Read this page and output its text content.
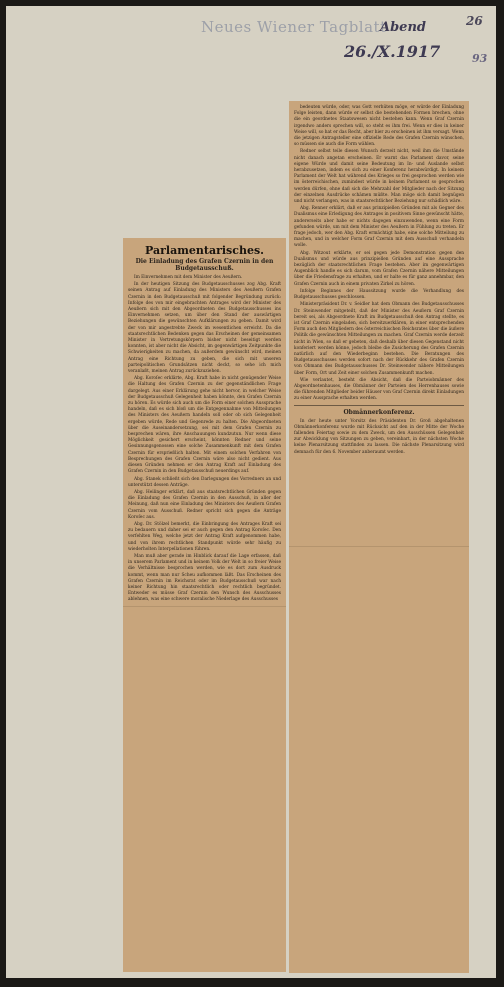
Neues Wiener Tagblatt
Abend
26./X.1917
26
93
Parlamentarisches.
Die Einladung des Grafen Czernin in den Budgetausschuß.

Im Einvernehmen mit dem Minister des Aeußern.

In der heutigen Sitzung des Budgetausschusses zog Abg. Kraft seinen Antrag auf Einladung des Ministers des Aeußern Grafen Czernin in den Budgetausschuß mit folgender Begründung zurück: Infolge des von mir eingebrachten Antrages wird der Minister des Aeußern sich mit den Abgeordneten des Budgetausschusses ins Einvernehmen setzen, um über den Stand der auswärtigen Beziehungen die gewünschten Aufklärungen zu geben. Damit wird der von mir angestrebte Zweck im wesentlichen erreicht. Da die staatsrechtlichen Bedenken gegen das Erscheinen der gemeinsamen Minister in Vertretungskörpern bisher nicht beseitigt werden konnten, ist aber nicht die Absicht, im gegenwärtigen Zeitpunkte die Schwierigkeiten zu machen, da außerdem gewünscht wird, meinen Antrag eine Richtung zu geben, die sich mit unseren parteipolitischen Grundsätzen nicht deckt, so sehe ich mich veranlaßt, meinen Antrag zurückzuziehen.

Abg. Koroſec erklärte, Abg. Kraft habe in nicht genügender Weise die Haltung des Grafen Czernin zu der gegenständlichen Frage dargelegt. Aus einer Erklärung gehe nicht hervor, in welcher Weise der Budgetausschuß Gelegenheit haben könnte, den Grafen Czernin zu hören. Es würde sich auch um die Form einer solchen Aussprache handeln, daß es sich bloß um die Entgegennahme von Mitteilungen des Ministers des Aeußern handeln soll oder ob sich Gelegenheit ergeben würde, Rede und Gegenrede zu halten. Die Abgeordneten über die Auseinandersetzung, sei mit dem Grafen Czernin zu besprechen wären, ihre Anschauungen kundzutun. Nur wenn diese Möglichkeit gesichert erscheint, könnten Redner und seine Gesinnungsgenossen eine solche Zusammenkunft mit dem Grafen Czernin für ersprießlich halten. Mit einem solchen Verfahren von Besprechungen des Grafen Czernin wäre also nicht gedient. Aus diesen Gründen nehmen er den Antrag Kraft auf Einladung des Grafen Czernin in den Budgetausschuß neuerdings auf.

Abg. Stanek schließt sich den Darlegungen des Vorredners an und unterstützt dessen Anträge.

Abg. Heilinger erklärt, daß aus staatsrechtlichen Gründen gegen die Einladung des Grafen Czernin in den Ausschuß, in aller der Meinung, daß nun eine Einladung des Ministers des Aeußern Grafen Czernin vom Ausschuß. Redner spricht sich gegen die Anträge Koroſec aus.

Abg. Dr. Stölzel bemerkt, die Einbringung des Antrages Kraft sei zu bedauern und daher sei er auch gegen den Antrag Koroſec. Den verfehlten Weg, welche jetzt der Antrag Kraft aufgenommen habe, und von ihrem rechtlichen Standpunkt würde sehr häufig zu wiederholten Interpellationen führen.

Man muß aber gerade im Hinblick darauf die Lage erfassen, daß in unserem Parlament und in keinem Volk der Welt in so freier Weise die Verhältnisse besprochen werden, wie es dort zum Ausdruck kommt, wenn man nur Scheu aufkommen läßt. Das Erscheinen des Grafen Czernin im Reichsrat oder im Budgetausschuß war nach keiner Richtung hin staatsrechtlich oder rechtlich begründet. Entweder es müsse Graf Czernin den Wunsch des Ausschusses ablehnen, was eine schwere moralische Niederlage des Ausschusses

bedeuten würde, oder, was Gott verhüten möge, er würde der Einladung Folge leisten, dann würde er selbst die bestehenden Formen brechen, ohne die ein geordnetes Staatswesen nicht bestehen kann. Wenn Graf Czernin irgendwo anders sprechen will, so steht es ihm frei. Wenn er dies in keiner Weise will, so hat er das Recht, aber hier zu erscheinen ist ihm versagt. Wenn die jetzigen Antragsteller eine offizielle Rede des Grafen Czernin wünschen, so müssen sie auch die Form wählen.

Redner selbst teile diesen Wunsch derzeit nicht, weil ihm die Umstände nicht danach angetan erscheinen. Er warnt das Parlament davor, seine eigene Würde und damit seine Bedeutung im In- und Auslande selbst herabzusetzen, indem es sich zu einer Konferenz herabwürdigt. In keinem Parlament der Welt hat während des Krieges so frei gesprochen werden wie im österreichischen, zumindest würde in keinem Parlament so gesprochen werden dürfen, ohne daß sich die Mehrzahl der Mitglieder nach der Sitzung der einzelnen Ausdrücke schämen müßte. Man möge sich damit begnügen und nicht verlangen, was in staatsrechtlicher Beziehung nur schädlich wäre.

Abg. Renner erklärt, daß er aus prinzipiellen Gründen mit als Gegner des Dualismus eine Erledigung des Antrages in positivem Sinne gewünscht hätte, andererseits aber habe er nichts dagegen einzuwenden, wenn eine Form gefunden würde, um mit dem Minister des Aeußern in Fühlung zu treten. Er frage jedoch, wer den Abg. Kraft ermächtigt habe, eine solche Mitteilung zu machen, und in welcher Form Graf Czernin mit dem Ausschuß verhandeln wolle.

Abg. Witzout erklärte, er sei gegen jede Demonstration gegen den Dualismus und würde aus prinzipiellen Gründen auf eine Aussprache bezüglich der staatsrechtlichen Frage bestehen. Aber im gegenwärtigen Augenblick handle es sich darum, vom Grafen Czernin nähere Mitteilungen über die Friedensfrage zu erhalten, und er halte es für ganz annehmbar, den Grafen Czernin auch in einem privaten Zirkel zu hören.

Infolge Beginnes der Haussitzung wurde die Verhandlung des Budgetausschusses geschlossen.

Ministerpräsident Dr. v. Seidler hat dem Obmann des Budgetausschusses Dr. Steinwender mitgeteilt, daß der Minister des Aeußern Graf Czernin bereit sei, als Abgeordnete Kraft im Budgetausschuß den Antrag stellte, es ist Graf Czernin eingeladen, sich bereitzuerklären, in einer entsprechenden Form auch den Mitgliedern des österreichischen Reichsrates über die äußere Politik die gewünschten Mitteilungen zu machen. Graf Czernin werde derzeit nicht in Wien, so daß er gebeten, daß deshalb über diesen Gegenstand nicht konferiert werden könne, jedoch bleibe die Zusicherung des Grafen Czernin natürlich auf den Wiederbeginn bestehen. Die Beratungen des Budgetausschusses werden sofort nach der Rückkehr des Grafen Czernin von Obmann des Budgetausschusses Dr. Steinwender nähere Mitteilungen über Form, Ort und Zeit einer solchen Zusammenkunft machen.

Wie verlautet, besteht die Absicht, daß die Parteiobmänner des Abgeordnetenhauses, die Obmänner der Parteien des Herrenhauses sowie die führenden Mitglieder beider Häuser von Graf Czernin direkt Einladungen zu einer Aussprache erhalten werden.

Obmännerkonferenz.

In der heute unter Vorsitz des Präsidenten Dr. Groß abgehaltenen Obmännerkonferenz wurde mit Rücksicht auf den in der Mitte der Woche fallenden Feiertag sowie zu dem Zweck, um den Ausschüssen Gelegenheit zur Abwicklung von Sitzungen zu geben, vereinbart, in der nächsten Woche keine Plenarsitzung stattfinden zu lassen. Die nächste Plenarsitzung wird demnach für den 6. November anberaumt werden.
